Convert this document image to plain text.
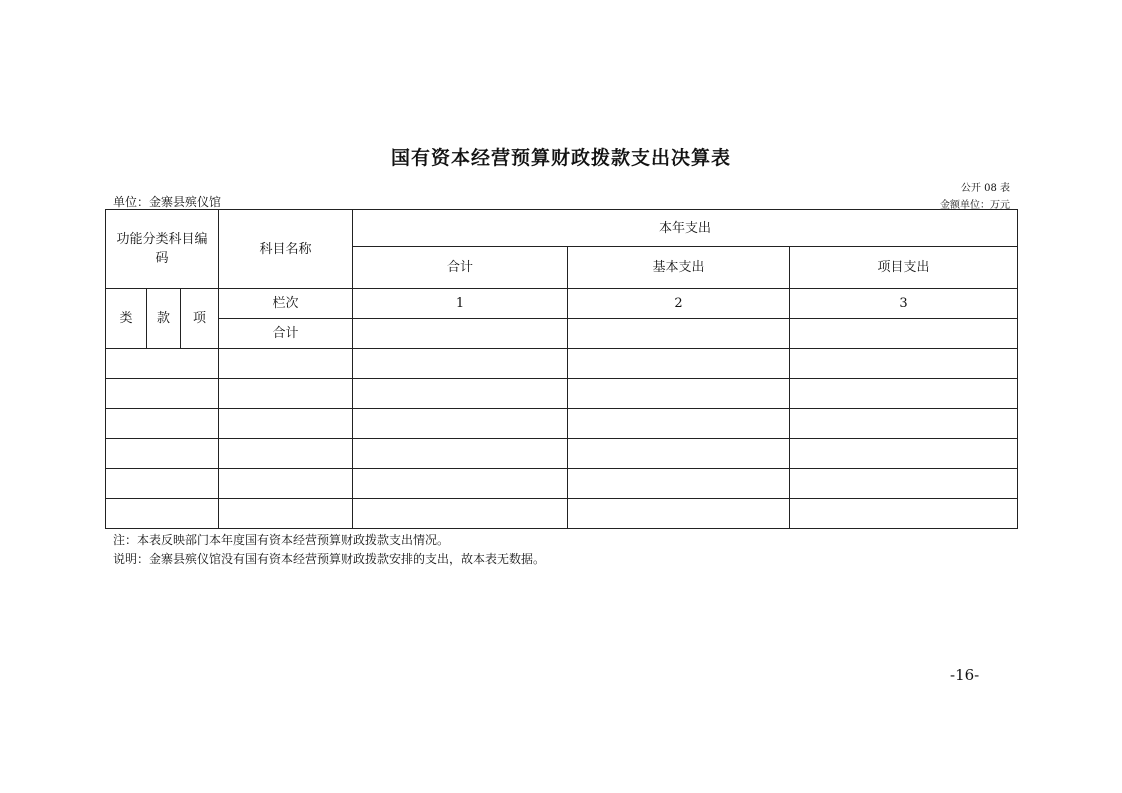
国有资本经营预算财政拨款支出决算表
公开 08 表
单位：金寨县殡仪馆	金额单位：万元
功能分类科目编码			科目名称	本年支出		
				合计	基本支出	项目支出
类	款	项	栏次	1	2	3
			合计			

注：本表反映部门本年度国有资本经营预算财政拨款支出情况。
说明：金寨县殡仪馆没有国有资本经营预算财政拨款安排的支出，故本表无数据。
-16-
